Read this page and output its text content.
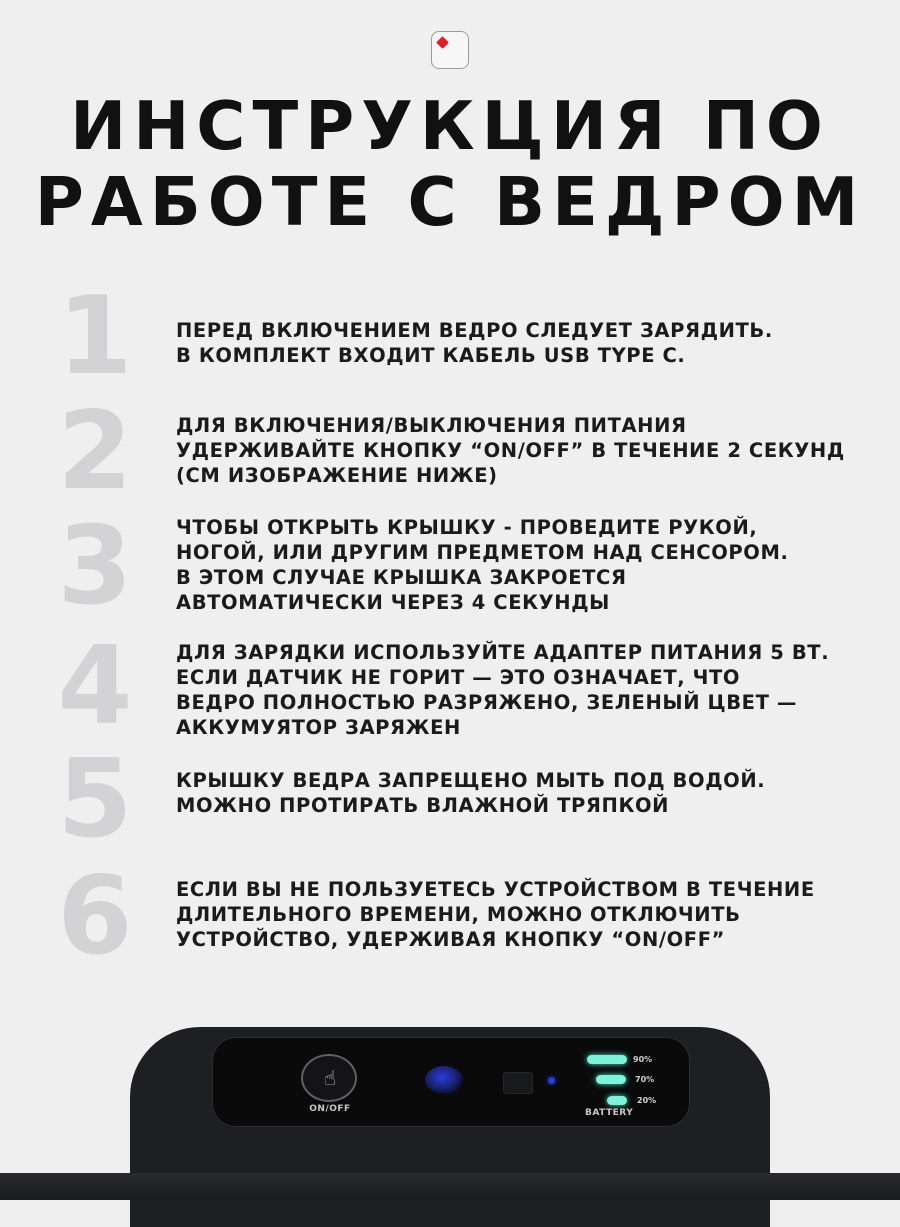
ИНСТРУКЦИЯ ПО
РАБОТЕ С ВЕДРОМ
1	ПЕРЕД ВКЛЮЧЕНИЕМ ВЕДРО СЛЕДУЕТ ЗАРЯДИТЬ.
В КОМПЛЕКТ ВХОДИТ КАБЕЛЬ USB TYPE C.
2	ДЛЯ ВКЛЮЧЕНИЯ/ВЫКЛЮЧЕНИЯ ПИТАНИЯ
УДЕРЖИВАЙТЕ КНОПКУ “ON/OFF” В ТЕЧЕНИЕ 2 СЕКУНД
(СМ ИЗОБРАЖЕНИЕ НИЖЕ)
3	ЧТОБЫ ОТКРЫТЬ КРЫШКУ - ПРОВЕДИТЕ РУКОЙ,
НОГОЙ, ИЛИ ДРУГИМ ПРЕДМЕТОМ НАД СЕНСОРОМ.
В ЭТОМ СЛУЧАЕ КРЫШКА ЗАКРОЕТСЯ
АВТОМАТИЧЕСКИ ЧЕРЕЗ 4 СЕКУНДЫ
4	ДЛЯ ЗАРЯДКИ ИСПОЛЬЗУЙТЕ АДАПТЕР ПИТАНИЯ 5 ВТ.
ЕСЛИ ДАТЧИК НЕ ГОРИТ — ЭТО ОЗНАЧАЕТ, ЧТО
ВЕДРО ПОЛНОСТЬЮ РАЗРЯЖЕНО, ЗЕЛЕНЫЙ ЦВЕТ —
АККУМУЯТОР ЗАРЯЖЕН
5	КРЫШКУ ВЕДРА ЗАПРЕЩЕНО МЫТЬ ПОД ВОДОЙ.
МОЖНО ПРОТИРАТЬ ВЛАЖНОЙ ТРЯПКОЙ
6	ЕСЛИ ВЫ НЕ ПОЛЬЗУЕТЕСЬ УСТРОЙСТВОМ В ТЕЧЕНИЕ
ДЛИТЕЛЬНОГО ВРЕМЕНИ, МОЖНО ОТКЛЮЧИТЬ
УСТРОЙСТВО, УДЕРЖИВАЯ КНОПКУ “ON/OFF”
☝
ON/OFF
90%
70%
20%
BATTERY
